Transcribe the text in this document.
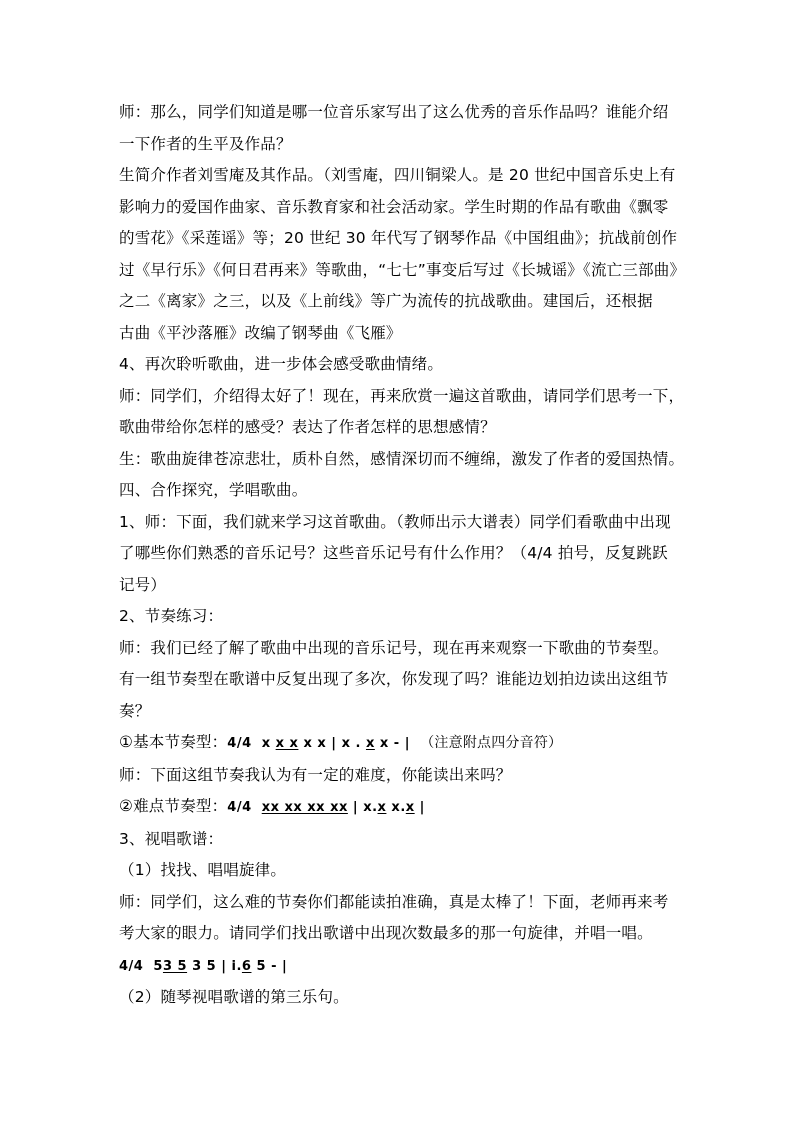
师：那么，同学们知道是哪一位音乐家写出了这么优秀的音乐作品吗？谁能介绍
一下作者的生平及作品？
生简介作者刘雪庵及其作品。（刘雪庵，四川铜梁人。是 20 世纪中国音乐史上有
影响力的爱国作曲家、音乐教育家和社会活动家。学生时期的作品有歌曲《飘零
的雪花》《采莲谣》等；20 世纪 30 年代写了钢琴作品《中国组曲》；抗战前创作
过《早行乐》《何日君再来》等歌曲，“七七”事变后写过《长城谣》《流亡三部曲》
之二《离家》之三，以及《上前线》等广为流传的抗战歌曲。建国后，还根据
古曲《平沙落雁》改编了钢琴曲《飞雁》
4、再次聆听歌曲，进一步体会感受歌曲情绪。
师：同学们，介绍得太好了！现在，再来欣赏一遍这首歌曲，请同学们思考一下，
歌曲带给你怎样的感受？表达了作者怎样的思想感情？
生：歌曲旋律苍凉悲壮，质朴自然，感情深切而不缠绵，激发了作者的爱国热情。
四、合作探究，学唱歌曲。
1、师：下面，我们就来学习这首歌曲。（教师出示大谱表）同学们看歌曲中出现
了哪些你们熟悉的音乐记号？这些音乐记号有什么作用？（4/4 拍号，反复跳跃
记号）
2、节奏练习：
师：我们已经了解了歌曲中出现的音乐记号，现在再来观察一下歌曲的节奏型。
有一组节奏型在歌谱中反复出现了多次，你发现了吗？谁能边划拍边读出这组节
奏？
①基本节奏型：4/4 x x x x x | x . x x - | （注意附点四分音符）
师：下面这组节奏我认为有一定的难度，你能读出来吗？
②难点节奏型：4/4 xx xx xx xx | x.x x.x |
3、视唱歌谱：
（1）找找、唱唱旋律。
师：同学们，这么难的节奏你们都能读拍准确，真是太棒了！下面，老师再来考
考大家的眼力。请同学们找出歌谱中出现次数最多的那一句旋律，并唱一唱。
4/4 53 5 3 5 | i.6 5 - |
（2）随琴视唱歌谱的第三乐句。
